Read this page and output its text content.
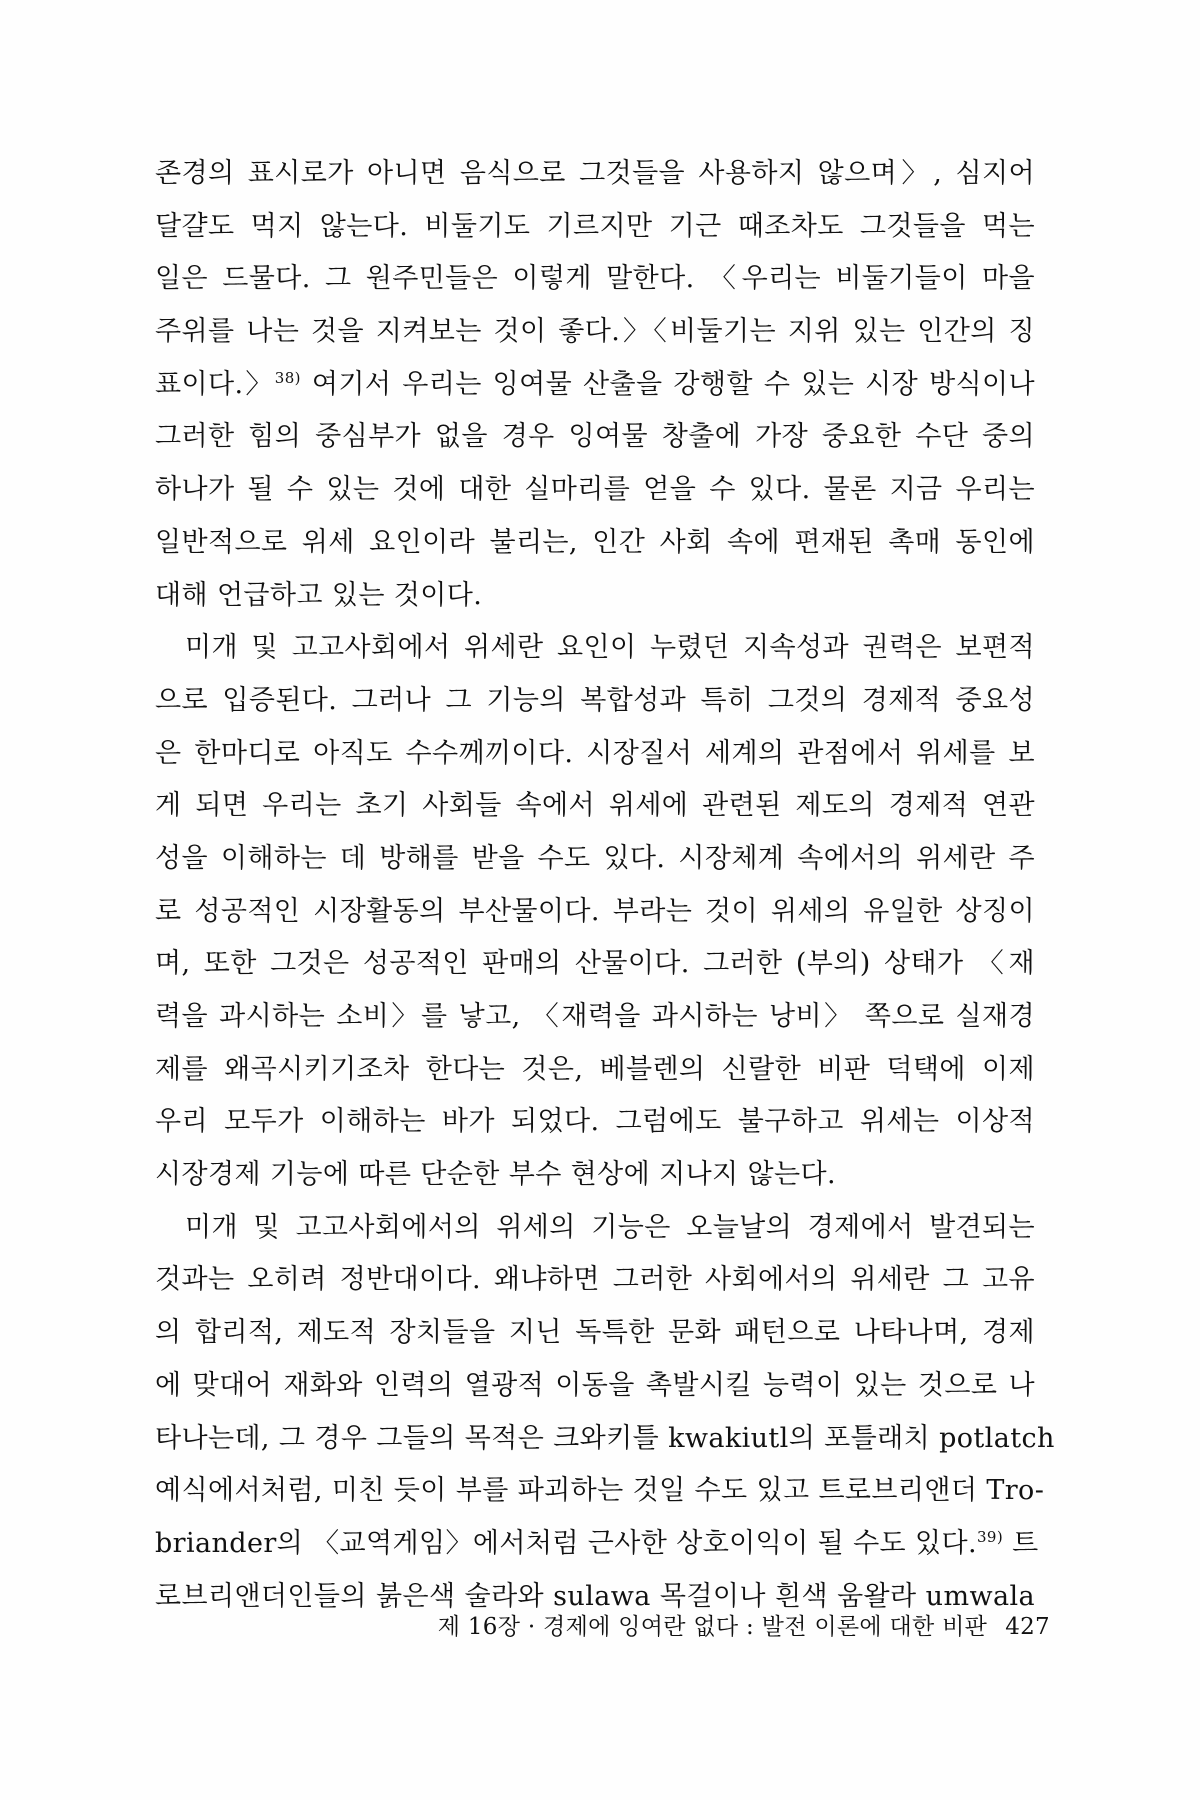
존경의 표시로가 아니면 음식으로 그것들을 사용하지 않으며〉, 심지어
달걀도 먹지 않는다. 비둘기도 기르지만 기근 때조차도 그것들을 먹는
일은 드물다. 그 원주민들은 이렇게 말한다. 〈우리는 비둘기들이 마을
주위를 나는 것을 지켜보는 것이 좋다.〉〈비둘기는 지위 있는 인간의 징
표이다.〉$^{38)}$ 여기서 우리는 잉여물 산출을 강행할 수 있는 시장 방식이나
그러한 힘의 중심부가 없을 경우 잉여물 창출에 가장 중요한 수단 중의
하나가 될 수 있는 것에 대한 실마리를 얻을 수 있다. 물론 지금 우리는
일반적으로 위세 요인이라 불리는, 인간 사회 속에 편재된 촉매 동인에
대해 언급하고 있는 것이다.
미개 및 고고사회에서 위세란 요인이 누렸던 지속성과 권력은 보편적
으로 입증된다. 그러나 그 기능의 복합성과 특히 그것의 경제적 중요성
은 한마디로 아직도 수수께끼이다. 시장질서 세계의 관점에서 위세를 보
게 되면 우리는 초기 사회들 속에서 위세에 관련된 제도의 경제적 연관
성을 이해하는 데 방해를 받을 수도 있다. 시장체계 속에서의 위세란 주
로 성공적인 시장활동의 부산물이다. 부라는 것이 위세의 유일한 상징이
며, 또한 그것은 성공적인 판매의 산물이다. 그러한 (부의) 상태가 〈재
력을 과시하는 소비〉를 낳고, 〈재력을 과시하는 낭비〉 쪽으로 실재경
제를 왜곡시키기조차 한다는 것은, 베블렌의 신랄한 비판 덕택에 이제
우리 모두가 이해하는 바가 되었다. 그럼에도 불구하고 위세는 이상적
시장경제 기능에 따른 단순한 부수 현상에 지나지 않는다.
미개 및 고고사회에서의 위세의 기능은 오늘날의 경제에서 발견되는
것과는 오히려 정반대이다. 왜냐하면 그러한 사회에서의 위세란 그 고유
의 합리적, 제도적 장치들을 지닌 독특한 문화 패턴으로 나타나며, 경제
에 맞대어 재화와 인력의 열광적 이동을 촉발시킬 능력이 있는 것으로 나
타나는데, 그 경우 그들의 목적은 크와키틀 kwakiutl의 포틀래치 potlatch
예식에서처럼, 미친 듯이 부를 파괴하는 것일 수도 있고 트로브리앤더 Tro-
briander의 〈교역게임〉에서처럼 근사한 상호이익이 될 수도 있다.$^{39)}$ 트
로브리앤더인들의 붉은색 술라와 sulawa 목걸이나 흰색 움왈라 umwala
제 16장 · 경제에 잉여란 없다 : 발전 이론에 대한 비판 427
